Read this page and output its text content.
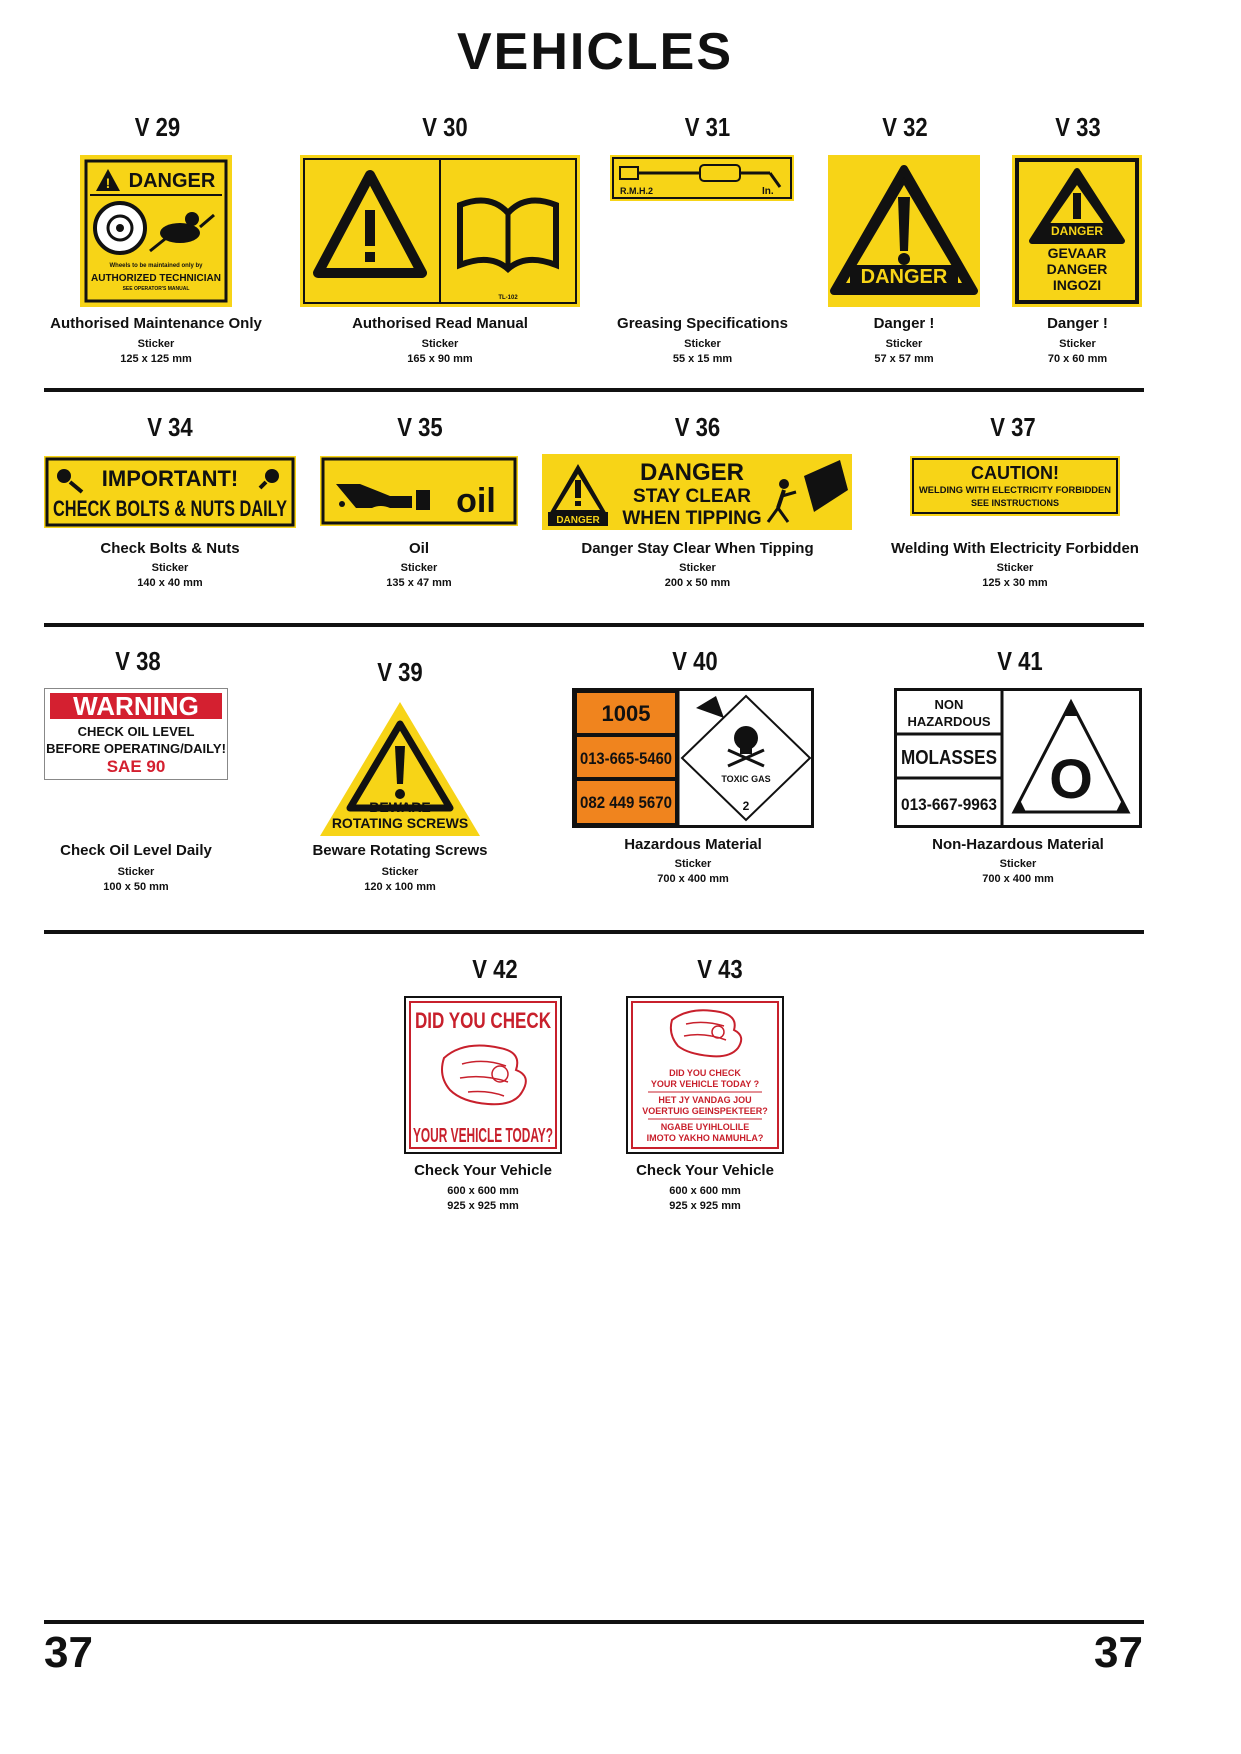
VEHICLES
V 29
! DANGER
Wheels to be maintained only by
AUTHORIZED TECHNICIAN
SEE OPERATOR'S MANUAL
Authorised Maintenance Only
Sticker
125 x 125 mm
V 30
TL-102
Authorised Read Manual
Sticker
165 x 90 mm
V 31
R.M.H.2	In.
Greasing Specifications
Sticker
55 x 15 mm
V 32
DANGER
Danger !
Sticker
57 x 57 mm
V 33
DANGER
GEVAAR
DANGER
INGOZI
Danger !
Sticker
70 x 60 mm
V 34
IMPORTANT!
CHECK BOLTS & NUTS DAILY
Check Bolts & Nuts
Sticker
140 x 40 mm
V 35
oil
Oil
Sticker
135 x 47 mm
V 36
DANGER
DANGER
STAY CLEAR
WHEN TIPPING
Danger Stay Clear When Tipping
Sticker
200 x 50 mm
V 37
CAUTION!
WELDING WITH ELECTRICITY FORBIDDEN
SEE INSTRUCTIONS
Welding With Electricity Forbidden
Sticker
125 x 30 mm
V 38
WARNING
CHECK OIL LEVEL
BEFORE OPERATING/DAILY!
SAE 90
Check Oil Level Daily
Sticker
100 x 50 mm
V 39
BEWARE
ROTATING SCREWS
Beware Rotating Screws
Sticker
120 x 100 mm
V 40
1005
013-665-5460
082 449 5670
TOXIC GAS
2
Hazardous Material
Sticker
700 x 400 mm
V 41
NON
HAZARDOUS
MOLASSES
013-667-9963 O
Non-Hazardous Material
Sticker
700 x 400 mm
V 42
DID YOU CHECK
YOUR VEHICLE TODAY?
Check Your Vehicle
600 x 600 mm
925 x 925 mm
V 43
DID YOU CHECK
YOUR VEHICLE TODAY ?
HET JY VANDAG JOU
VOERTUIG GEINSPEKTEER?
NGABE UYIHLOLILE
IMOTO YAKHO NAMUHLA?
Check Your Vehicle
600 x 600 mm
925 x 925 mm
37	37
